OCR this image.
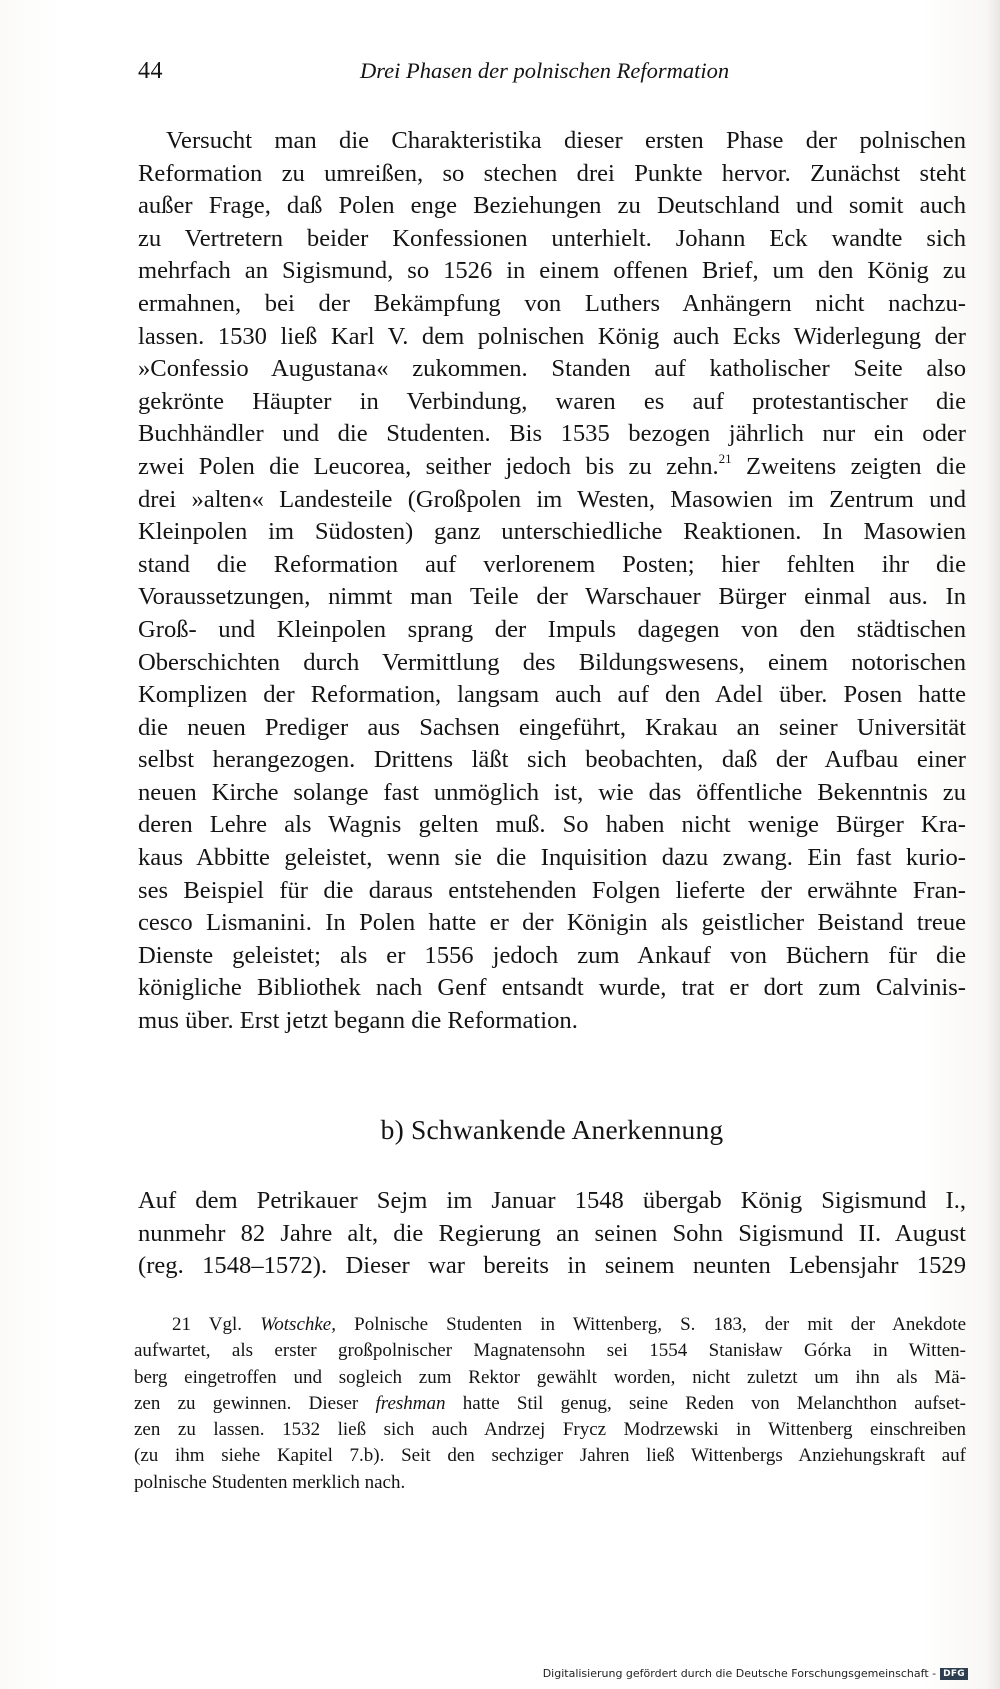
44	Drei Phasen der polnischen Reformation
Versucht man die Charakteristika dieser ersten Phase der polnischen
Reformation zu umreißen, so stechen drei Punkte hervor. Zunächst steht
außer Frage, daß Polen enge Beziehungen zu Deutschland und somit auch
zu Vertretern beider Konfessionen unterhielt. Johann Eck wandte sich
mehrfach an Sigismund, so 1526 in einem offenen Brief, um den König zu
ermahnen, bei der Bekämpfung von Luthers Anhängern nicht nachzu-
lassen. 1530 ließ Karl V. dem polnischen König auch Ecks Widerlegung der
»Confessio Augustana« zukommen. Standen auf katholischer Seite also
gekrönte Häupter in Verbindung, waren es auf protestantischer die
Buchhändler und die Studenten. Bis 1535 bezogen jährlich nur ein oder
zwei Polen die Leucorea, seither jedoch bis zu zehn.$^{21}$ Zweitens zeigten die
drei »alten« Landesteile (Großpolen im Westen, Masowien im Zentrum und
Kleinpolen im Südosten) ganz unterschiedliche Reaktionen. In Masowien
stand die Reformation auf verlorenem Posten; hier fehlten ihr die
Voraussetzungen, nimmt man Teile der Warschauer Bürger einmal aus. In
Groß- und Kleinpolen sprang der Impuls dagegen von den städtischen
Oberschichten durch Vermittlung des Bildungswesens, einem notorischen
Komplizen der Reformation, langsam auch auf den Adel über. Posen hatte
die neuen Prediger aus Sachsen eingeführt, Krakau an seiner Universität
selbst herangezogen. Drittens läßt sich beobachten, daß der Aufbau einer
neuen Kirche solange fast unmöglich ist, wie das öffentliche Bekenntnis zu
deren Lehre als Wagnis gelten muß. So haben nicht wenige Bürger Kra-
kaus Abbitte geleistet, wenn sie die Inquisition dazu zwang. Ein fast kurio-
ses Beispiel für die daraus entstehenden Folgen lieferte der erwähnte Fran-
cesco Lismanini. In Polen hatte er der Königin als geistlicher Beistand treue
Dienste geleistet; als er 1556 jedoch zum Ankauf von Büchern für die
königliche Bibliothek nach Genf entsandt wurde, trat er dort zum Calvinis-
mus über. Erst jetzt begann die Reformation.
b) Schwankende Anerkennung
Auf dem Petrikauer Sejm im Januar 1548 übergab König Sigismund I.,
nunmehr 82 Jahre alt, die Regierung an seinen Sohn Sigismund II. August
(reg. 1548–1572). Dieser war bereits in seinem neunten Lebensjahr 1529
21 Vgl. Wotschke, Polnische Studenten in Wittenberg, S. 183, der mit der Anekdote
aufwartet, als erster großpolnischer Magnatensohn sei 1554 Stanisław Górka in Witten-
berg eingetroffen und sogleich zum Rektor gewählt worden, nicht zuletzt um ihn als Mä-
zen zu gewinnen. Dieser freshman hatte Stil genug, seine Reden von Melanchthon aufset-
zen zu lassen. 1532 ließ sich auch Andrzej Frycz Modrzewski in Wittenberg einschreiben
(zu ihm siehe Kapitel 7.b). Seit den sechziger Jahren ließ Wittenbergs Anziehungskraft auf
polnische Studenten merklich nach.
Digitalisierung gefördert durch die Deutsche Forschungsgemeinschaft - DFG
